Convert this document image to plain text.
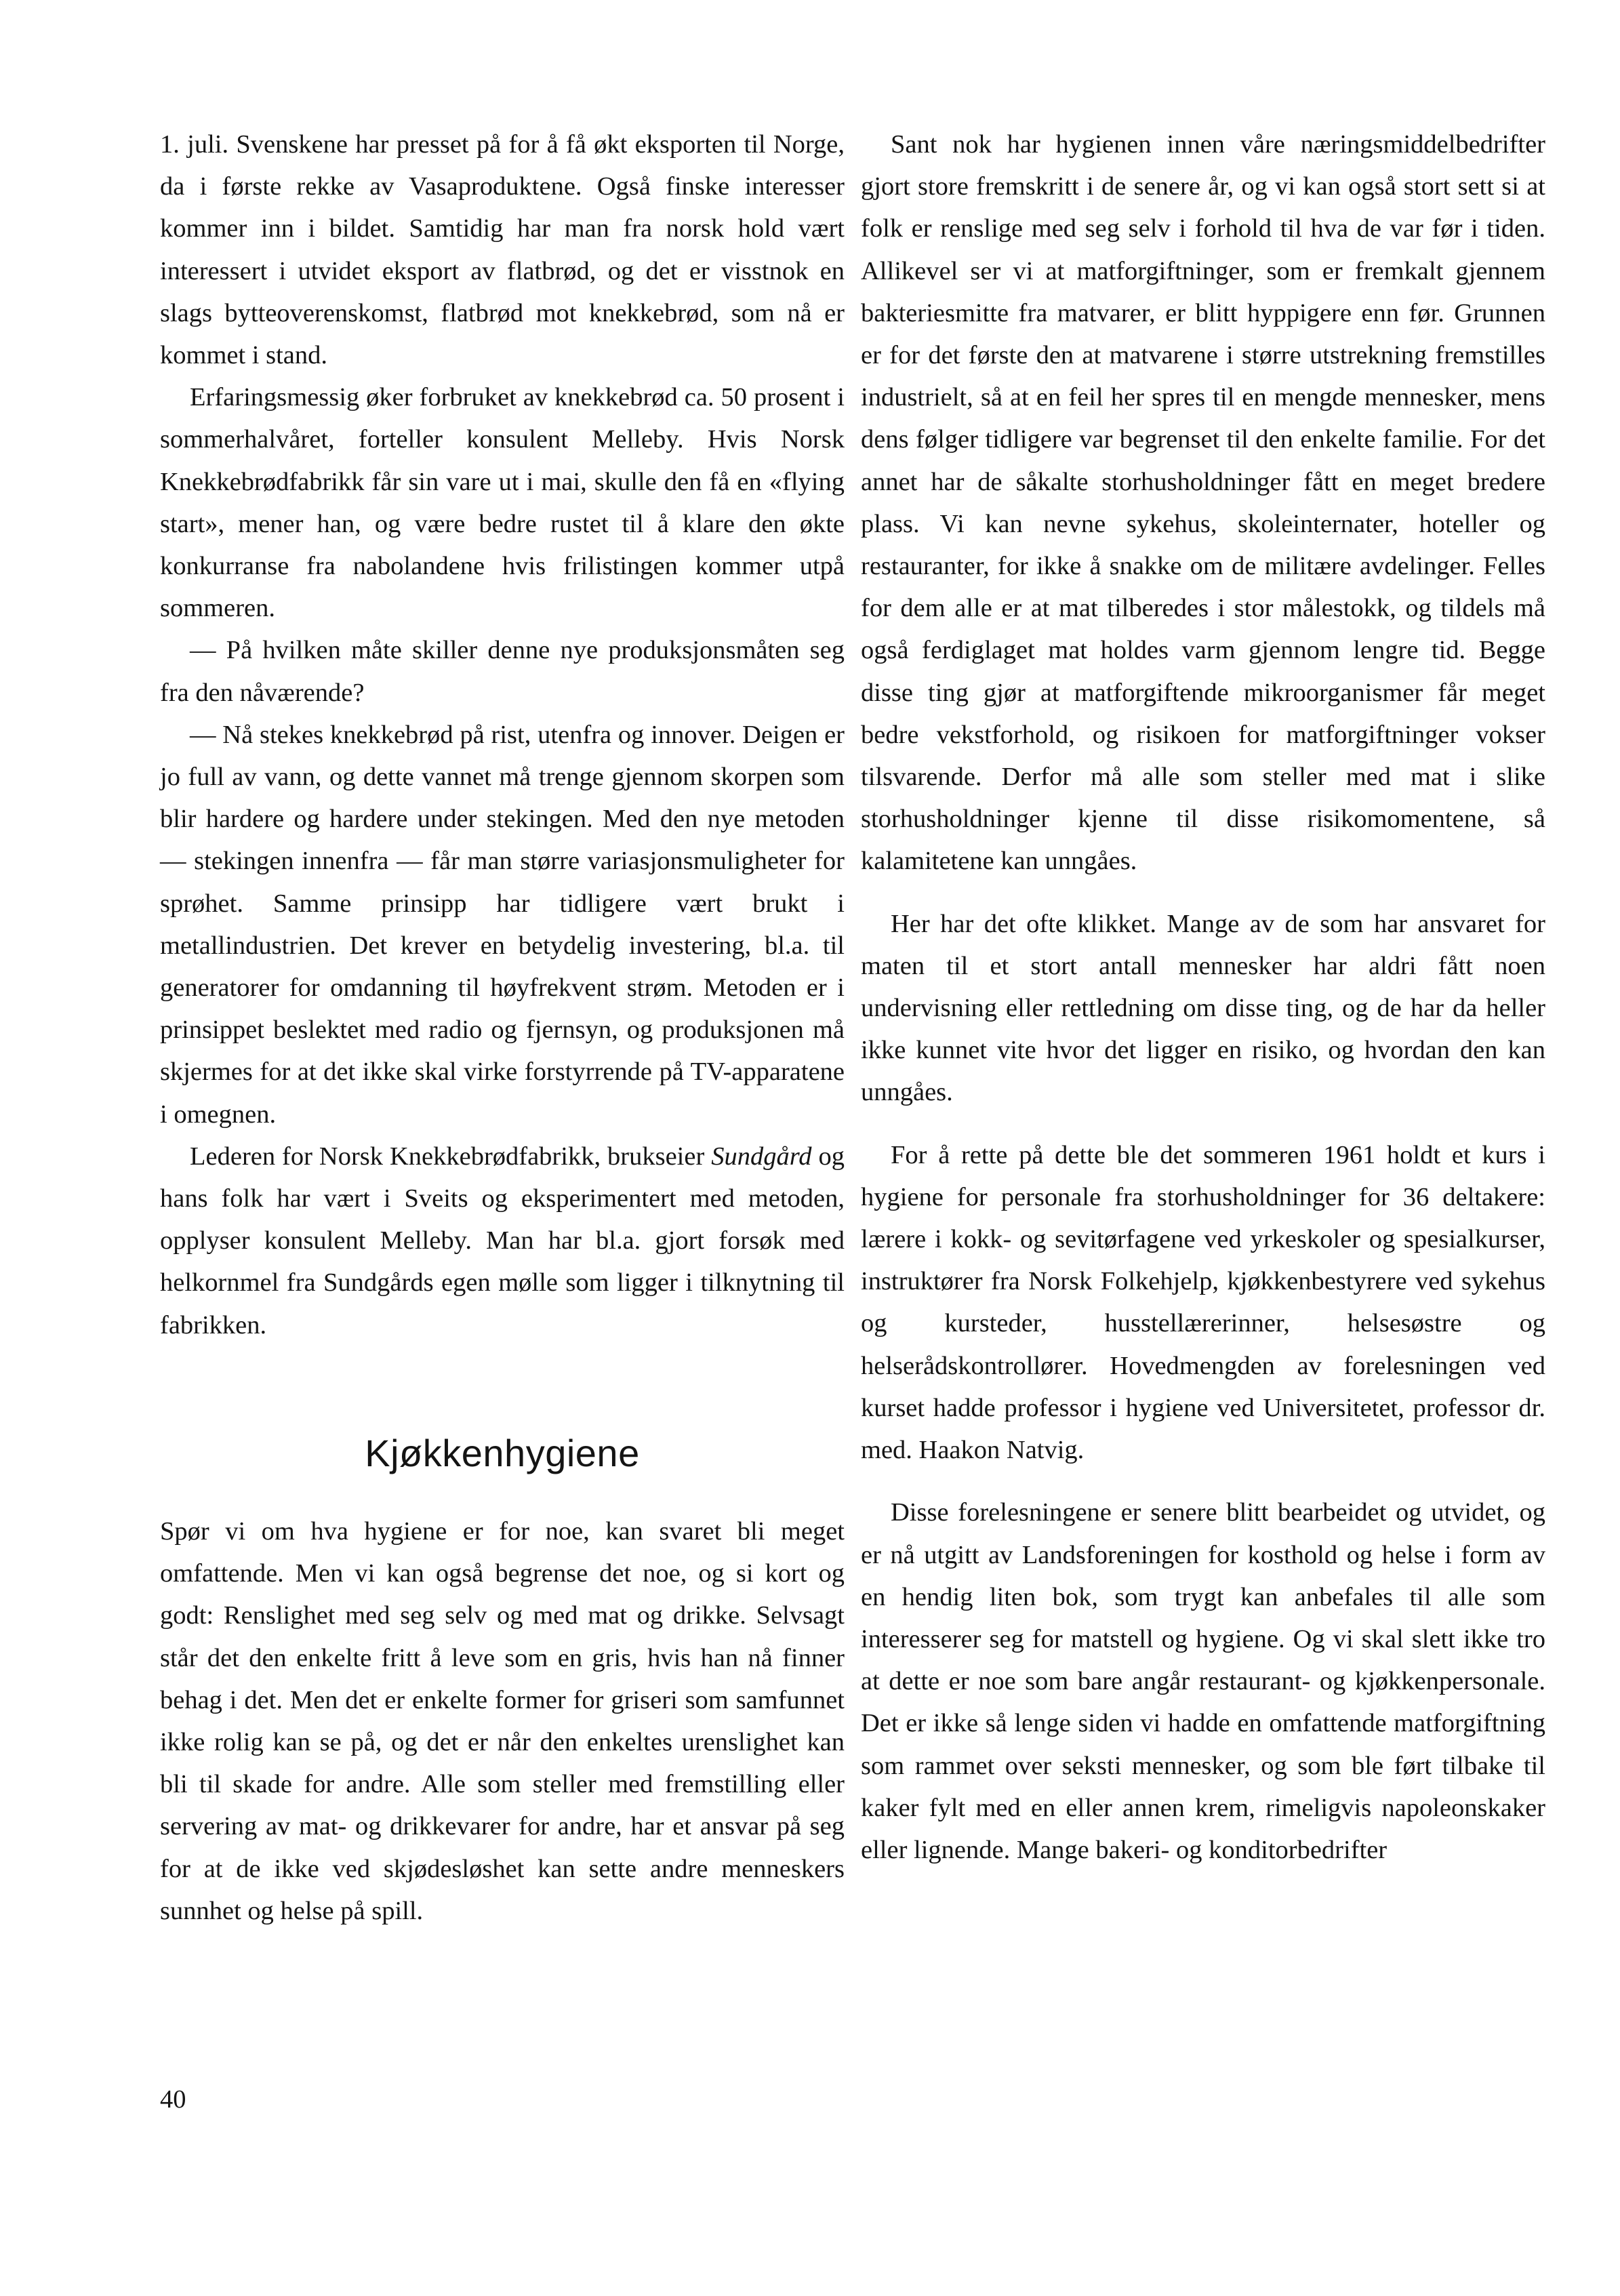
1. juli. Svenskene har presset på for å få økt eksporten til Norge, da i første rekke av Vasaproduktene. Også finske interesser kommer inn i bildet. Samtidig har man fra norsk hold vært interessert i utvidet eksport av flatbrød, og det er visstnok en slags bytteoverenskomst, flatbrød mot knekkebrød, som nå er kommet i stand.

Erfaringsmessig øker forbruket av knekkebrød ca. 50 prosent i sommerhalvåret, forteller konsulent Melleby. Hvis Norsk Knekkebrødfabrikk får sin vare ut i mai, skulle den få en «flying start», mener han, og være bedre rustet til å klare den økte konkurranse fra nabolandene hvis frilistingen kommer utpå sommeren.

— På hvilken måte skiller denne nye produksjonsmåten seg fra den nåværende?

— Nå stekes knekkebrød på rist, utenfra og innover. Deigen er jo full av vann, og dette vannet må trenge gjennom skorpen som blir hardere og hardere under stekingen. Med den nye metoden — stekingen innenfra — får man større variasjonsmuligheter for sprøhet. Samme prinsipp har tidligere vært brukt i metallindustrien. Det krever en betydelig investering, bl.a. til generatorer for omdanning til høyfrekvent strøm. Metoden er i prinsippet beslektet med radio og fjernsyn, og produksjonen må skjermes for at det ikke skal virke forstyrrende på TV-apparatene i omegnen.

Lederen for Norsk Knekkebrødfabrikk, brukseier Sundgård og hans folk har vært i Sveits og eksperimentert med metoden, opplyser konsulent Melleby. Man har bl.a. gjort forsøk med helkornmel fra Sundgårds egen mølle som ligger i tilknytning til fabrikken.

Kjøkkenhygiene

Spør vi om hva hygiene er for noe, kan svaret bli meget omfattende. Men vi kan også begrense det noe, og si kort og godt: Renslighet med seg selv og med mat og drikke. Selvsagt står det den enkelte fritt å leve som en gris, hvis han nå finner behag i det. Men det er enkelte former for griseri som samfunnet ikke rolig kan se på, og det er når den enkeltes urenslighet kan bli til skade for andre. Alle som steller med fremstilling eller servering av mat- og drikkevarer for andre, har et ansvar på seg for at de ikke ved skjødesløshet kan sette andre menneskers sunnhet og helse på spill.

Sant nok har hygienen innen våre næringsmiddelbedrifter gjort store fremskritt i de senere år, og vi kan også stort sett si at folk er renslige med seg selv i forhold til hva de var før i tiden. Allikevel ser vi at matforgiftninger, som er fremkalt gjennem bakteriesmitte fra matvarer, er blitt hyppigere enn før. Grunnen er for det første den at matvarene i større utstrekning fremstilles industrielt, så at en feil her spres til en mengde mennesker, mens dens følger tidligere var begrenset til den enkelte familie. For det annet har de såkalte storhusholdninger fått en meget bredere plass. Vi kan nevne sykehus, skoleinternater, hoteller og restauranter, for ikke å snakke om de militære avdelinger. Felles for dem alle er at mat tilberedes i stor målestokk, og tildels må også ferdiglaget mat holdes varm gjennom lengre tid. Begge disse ting gjør at matforgiftende mikroorganismer får meget bedre vekstforhold, og risikoen for matforgiftninger vokser tilsvarende. Derfor må alle som steller med mat i slike storhusholdninger kjenne til disse risikomomentene, så kalamitetene kan unngåes.

Her har det ofte klikket. Mange av de som har ansvaret for maten til et stort antall mennesker har aldri fått noen undervisning eller rettledning om disse ting, og de har da heller ikke kunnet vite hvor det ligger en risiko, og hvordan den kan unngåes.

For å rette på dette ble det sommeren 1961 holdt et kurs i hygiene for personale fra storhusholdninger for 36 deltakere: lærere i kokk- og sevitørfagene ved yrkeskoler og spesialkurser, instruktører fra Norsk Folkehjelp, kjøkkenbestyrere ved sykehus og kursteder, husstellærerinner, helsesøstre og helserådskontrollører. Hovedmengden av forelesningen ved kurset hadde professor i hygiene ved Universitetet, professor dr. med. Haakon Natvig.

Disse forelesningene er senere blitt bearbeidet og utvidet, og er nå utgitt av Landsforeningen for kosthold og helse i form av en hendig liten bok, som trygt kan anbefales til alle som interesserer seg for matstell og hygiene. Og vi skal slett ikke tro at dette er noe som bare angår restaurant- og kjøkkenpersonale. Det er ikke så lenge siden vi hadde en omfattende matforgiftning som rammet over seksti mennesker, og som ble ført tilbake til kaker fylt med en eller annen krem, rimeligvis napoleonskaker eller lignende. Mange bakeri- og konditorbedrifter

40
